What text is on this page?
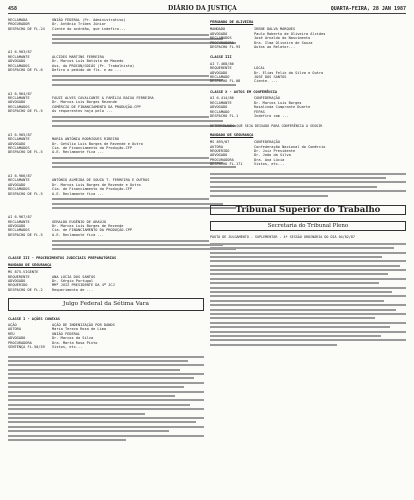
458	DIÁRIO DA JUSTIÇA	QUARTA-FEIRA, 28 JAN 1987
RECLAMADA	UNIÃO FEDERAL (Pr. Administrativo)
PROCURADOR	Dr. Antônio Tribes Júnior
DESPACHO DE FL.24	Ciente do acórdão, que indefiro...
AI 6.963/87
RECLAMANTE	ALCIDES MARTINS FERREIRA
ADVOGADO	Dr. Marcos Luís Batista de Macedo
RECLAMADOS	Ass. do PROCON/GOIÁS (Pr. Trabalhista)
DESPACHO DE FL.6	Defiro o pedido de fls. e ao ...
AI 6.964/87
RECLAMANTE	FAUZI ALVES CAVALCANTE & FAMÍLIA BAIXA FERREIRA
ADVOGADO	Dr. Marcos Luís Borges Rezende
RECLAMADOS	COMÉRCIO DE FINANCIAMENTO DA PRODUÇÃO-CPP
DESPACHO DE FL.5	As requerentes haja pela ...
AI 6.965/87
RECLAMANTE	MARIA ANTÔNIA RODRIGUES RIBEIRO
ADVOGADO	Dr. Getúlio Luís Borges de Rezende e Outro
RECLAMADOS	Cia. de Financiamento da Produção-CFP
DESPACHO DE FL.5	A.E. Reclamante fica ...
AI 6.966/87
RECLAMANTE	ANTÔNIO ALMEIDA DE SOUZA T. FERREIRA E OUTROS
ADVOGADO	Dr. Marcos Luís Borges de Rezende e Outro
RECLAMADOS	Cia. de Financiamento da Produção-CFP
DESPACHO DE FL.5	A.E. Reclamante fica ...
AI 6.967/87
RECLAMANTE	GERALDO EUGÊNIO DE ARAÚJO
ADVOGADO	Dr. Marcos Luís Borges de Rezende
RECLAMADOS	Cia. de FINANCIAMENTO DA PRODUÇÃO-CPP
DESPACHO DE FL.5	A.E. Reclamante fica ...
CLASSE III - PROCEDIMENTOS JUDICIAIS PREPARATÓRIOS
MANDADO DE SEGURANÇA
MS 875-VIGENTE
REQUERENTE	ANA LÚCIA DOS SANTOS
ADVOGADO	Dr. Sérgio Portugal
REQUERIDO	MMº JUIZ PRESIDENTE DA 4ª JCJ
DESPACHO DE FL.2	Requerimento de ...
Julgo Federal da Sétima Vara
CLASSE I - AÇÕES CONEXAS
AÇÃO	AÇÃO DE INDENIZAÇÃO POR DANOS
AUTORA	Maria Tereza Rosa de Lima
RÉU	UNIÃO FEDERAL
ADVOGADO	Dr. Marcos da Silva
PROCURADORA	Dra. Marta Rosa Pinto
SENTENÇA FL.50/59	Vistos, etc...
FERNANDO DE OLIVEIRA
MANDADO	IRENE DALVA MARQUES
ADVOGADO	Paulo Roberto de Oliveira Alcides
RECLAMADOS	José Arnaldo do Nascimento
PROCURADORA	Dra. Ilma Oliveira de Souza
DESPACHO FL.93	Autos ao Relator...
CLASSE III
AI 7.468/86
REQUERENTE	LOCAL
ADVOGADO	Dr. Elias Felix da Silva e Outro
RECLAMADO	JOSÉ DOS SANTOS
DESPACHO FL.08	Ciente. ...
CLASSE X - AUTOS EM CONFERÊNCIA
AI 6.414/86	CONFEDERAÇÃO
RECLAMANTE	Dr. Marcos Luís Borges
ADVOGADO	Rosalinda Cumprante Duarte
RECLAMADO	FEPAS
DESPACHO FL.1	Indefiro com ...
DETERMINANDO QUE SEJA DEIXADO PARA CONFERÊNCIA A SEGUIR
MANDADO DE SEGURANÇA
MS 895/87	CONFEDERAÇÃO
AUTORA	Confederação Nacional do Comércio
REQUERIDO	Dr. Juiz Presidente
ADVOGADO	Dr. João da Silva
PROCURADORA	Dra. Ana Lúcia
DESPACHO FL.171	Vistos, etc...
Tribunal Superior do Trabalho
Secretaria do Tribunal Pleno
PAUTA DE JULGAMENTO - SUPLEMENTAR - 4ª SESSÃO ORDINÁRIA DO DIA 04/02/87
